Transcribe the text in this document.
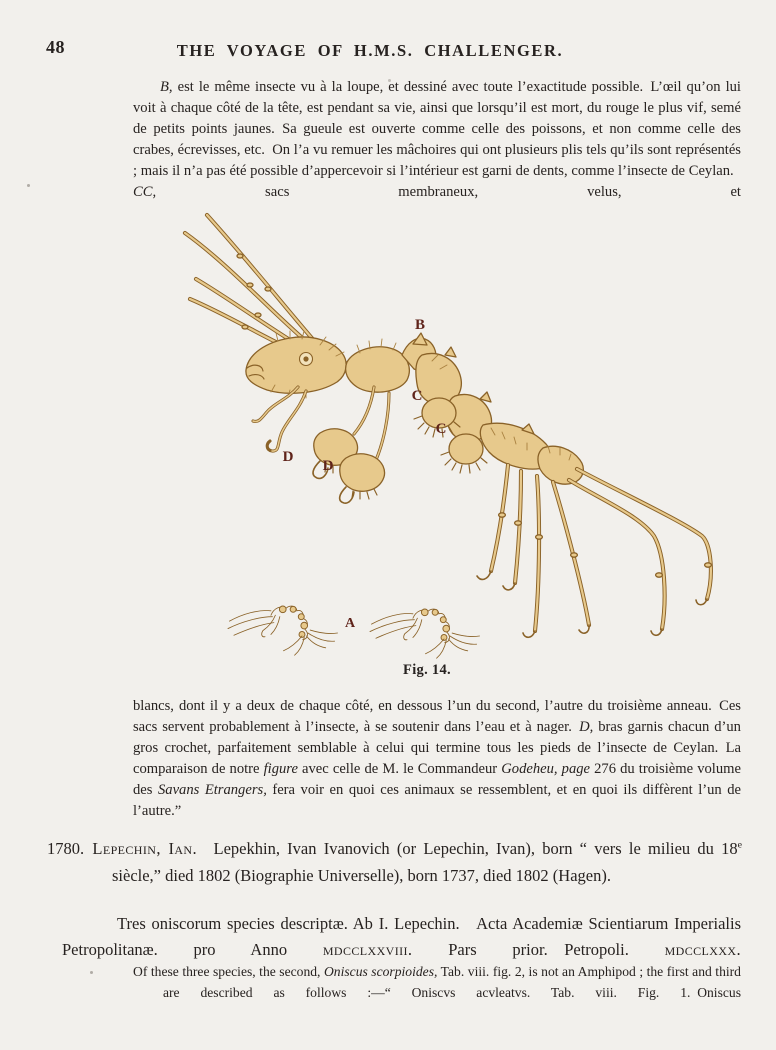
48	THE VOYAGE OF H.M.S. CHALLENGER.
B, est le même insecte vu à la loupe, et dessiné avec toute l’exactitude possible. L’œil qu’on lui voit à chaque côté de la tête, est pendant sa vie, ainsi que lorsqu’il est mort, du rouge le plus vif, semé de petits points jaunes. Sa gueule est ouverte comme celle des poissons, et non comme celle des crabes, écrevisses, etc. On l’a vu remuer les mâchoires qui ont plusieurs plis tels qu’ils sont représentés ; mais il n’a pas été possible d’appercevoir si l’intérieur est garni de dents, comme l’insecte de Ceylan. CC, sacs membraneux, velus, et
B
C
C
D
D
A
Fig. 14.
blancs, dont il y a deux de chaque côté, en dessous l’un du second, l’autre du troisième anneau. Ces sacs servent probablement à l’insecte, à se soutenir dans l’eau et à nager. D, bras garnis chacun d’un gros crochet, parfaitement semblable à celui qui termine tous les pieds de l’insecte de Ceylan. La comparaison de notre figure avec celle de M. le Commandeur Godeheu, page 276 du troisième volume des Savans Etrangers, fera voir en quoi ces animaux se ressemblent, et en quoi ils diffèrent l’un de l’autre.”
1780.  Lepechin, Ian.  Lepekhin, Ivan Ivanovich (or Lepechin, Ivan), born “ vers le milieu du 18e siècle,” died 1802 (Biographie Universelle), born 1737, died 1802 (Hagen).
Tres oniscorum species descriptæ. Ab I. Lepechin.  Acta Academiæ Scientiarum Imperialis Petropolitanæ. pro Anno mdcclxxviii. Pars prior.  Petropoli. mdcclxxx.
Of these three species, the second, Oniscus scorpioides, Tab. viii. fig. 2, is not an Amphipod ; the first and third are described as follows :—“ Oniscvs acvleatvs. Tab. viii. Fig. 1. Oniscus
